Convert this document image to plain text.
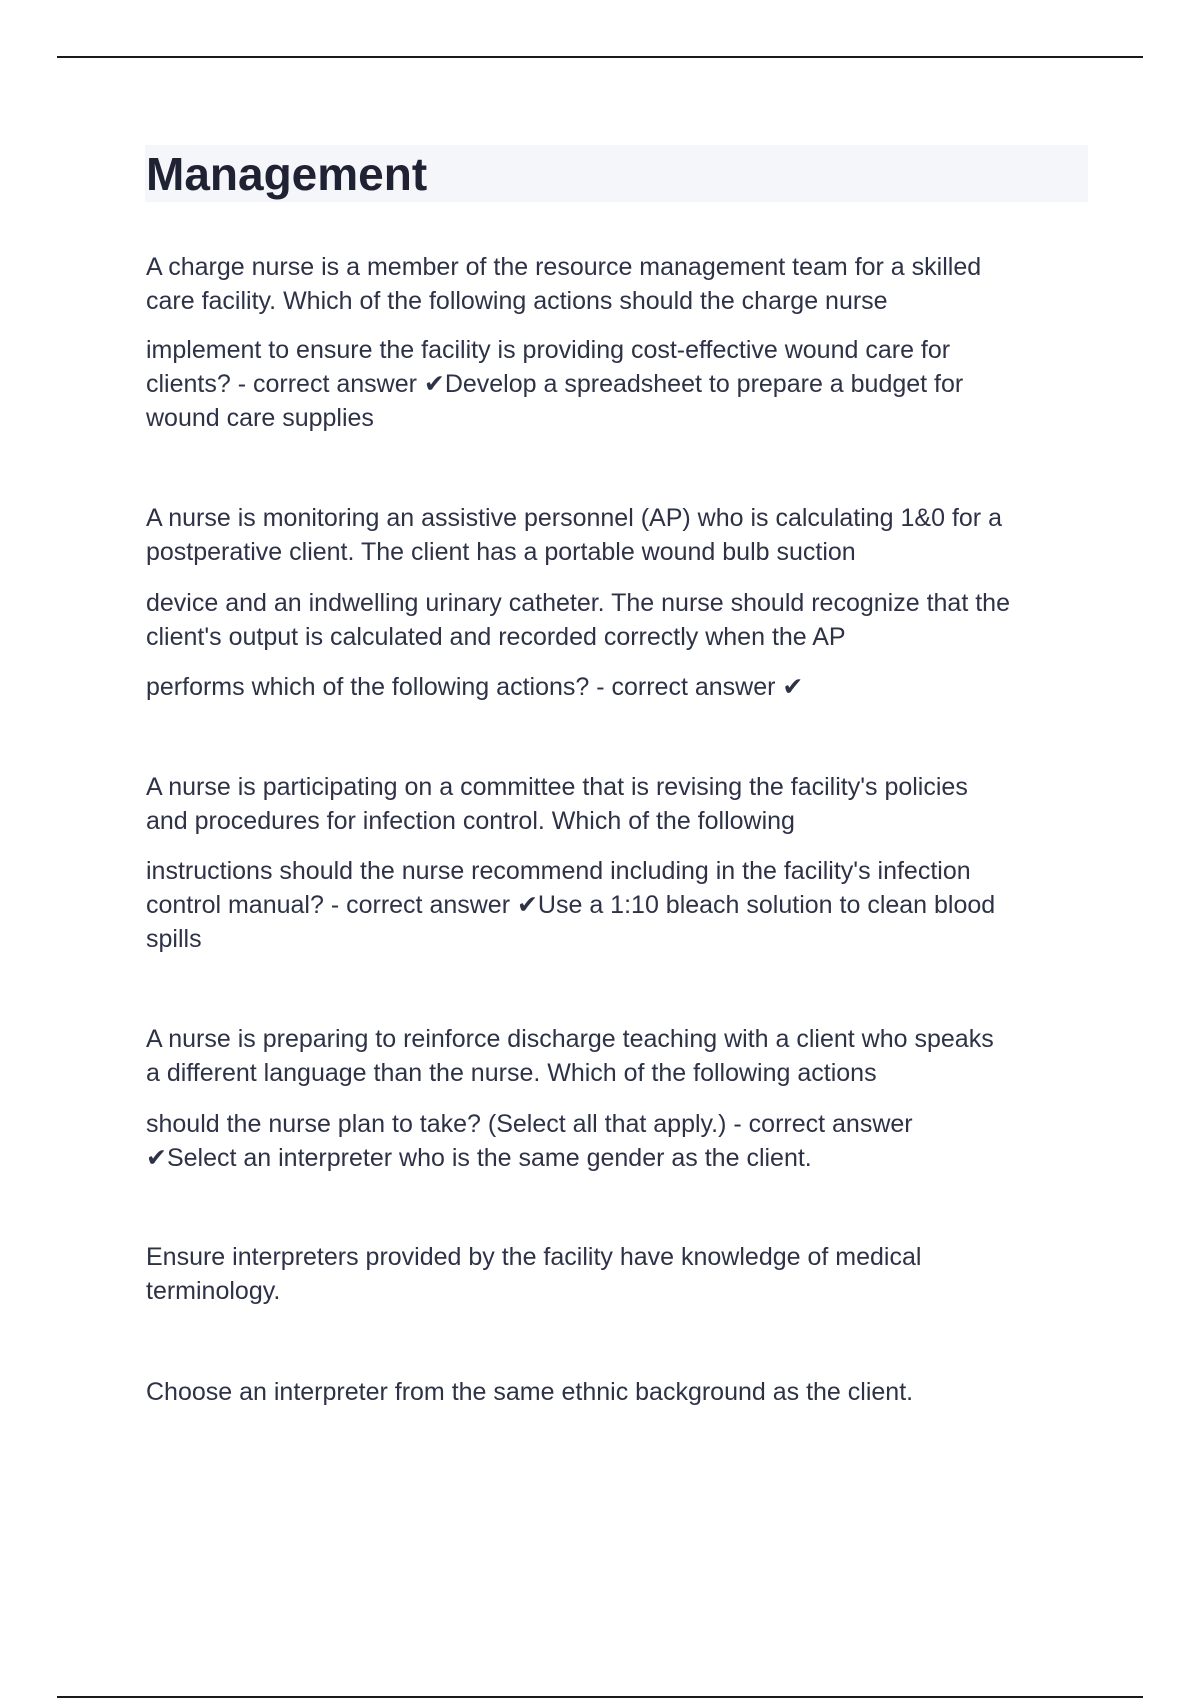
Management

A charge nurse is a member of the resource management team for a skilled
care facility. Which of the following actions should the charge nurse

implement to ensure the facility is providing cost-effective wound care for
clients? - correct answer ✔Develop a spreadsheet to prepare a budget for
wound care supplies

A nurse is monitoring an assistive personnel (AP) who is calculating 1&0 for a
postperative client. The client has a portable wound bulb suction

device and an indwelling urinary catheter. The nurse should recognize that the
client's output is calculated and recorded correctly when the AP

performs which of the following actions? - correct answer ✔

A nurse is participating on a committee that is revising the facility's policies
and procedures for infection control. Which of the following

instructions should the nurse recommend including in the facility's infection
control manual? - correct answer ✔Use a 1:10 bleach solution to clean blood
spills

A nurse is preparing to reinforce discharge teaching with a client who speaks
a different language than the nurse. Which of the following actions

should the nurse plan to take? (Select all that apply.) - correct answer
✔Select an interpreter who is the same gender as the client.

Ensure interpreters provided by the facility have knowledge of medical
terminology.

Choose an interpreter from the same ethnic background as the client.
